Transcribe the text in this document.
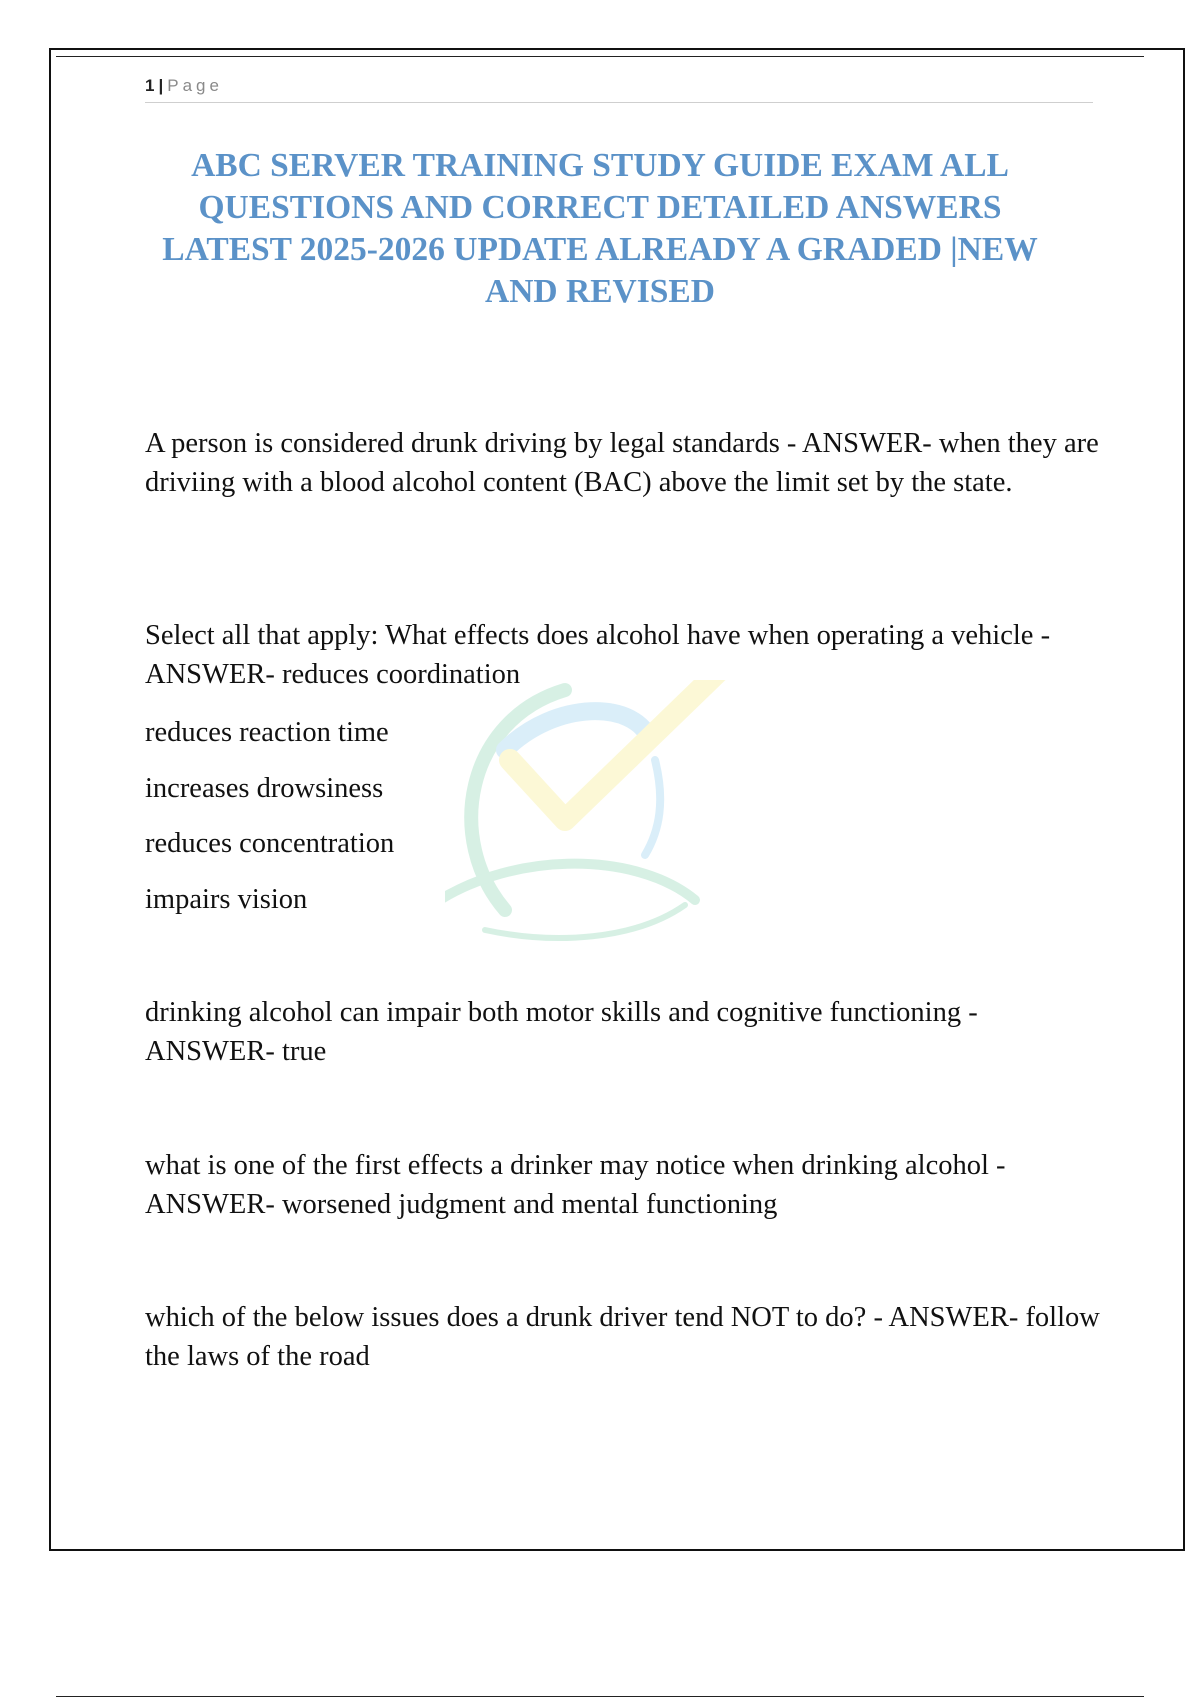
1 | Page
ABC SERVER TRAINING STUDY GUIDE EXAM ALL QUESTIONS AND CORRECT DETAILED ANSWERS LATEST 2025-2026 UPDATE ALREADY A GRADED |NEW AND REVISED

A person is considered drunk driving by legal standards - ANSWER- when they are driviing with a blood alcohol content (BAC) above the limit set by the state.

Select all that apply: What effects does alcohol have when operating a vehicle - ANSWER- reduces coordination

reduces reaction time

increases drowsiness

reduces concentration

impairs vision

drinking alcohol can impair both motor skills and cognitive functioning - ANSWER- true

what is one of the first effects a drinker may notice when drinking alcohol - ANSWER- worsened judgment and mental functioning

which of the below issues does a drunk driver tend NOT to do? - ANSWER- follow the laws of the road
